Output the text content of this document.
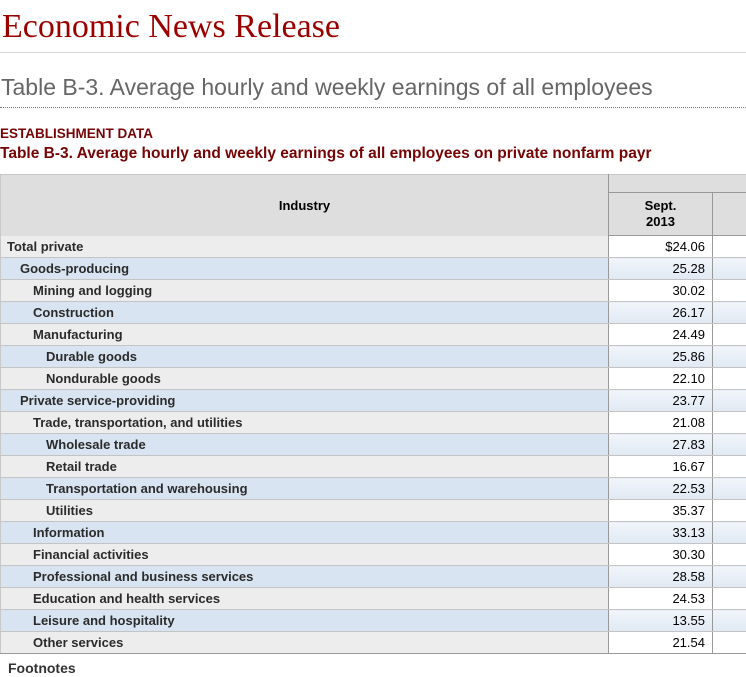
Economic News Release
Table B-3. Average hourly and weekly earnings of all employees

ESTABLISHMENT DATA

Table B-3. Average hourly and weekly earnings of all employees on private nonfarm payr

Industry		
	Sept.
2013	
Total private	$24.06	
Goods-producing	25.28	
Mining and logging	30.02	
Construction	26.17	
Manufacturing	24.49	
Durable goods	25.86	
Nondurable goods	22.10	
Private service-providing	23.77	
Trade, transportation, and utilities	21.08	
Wholesale trade	27.83	
Retail trade	16.67	
Transportation and warehousing	22.53	
Utilities	35.37	
Information	33.13	
Financial activities	30.30	
Professional and business services	28.58	
Education and health services	24.53	
Leisure and hospitality	13.55	
Other services	21.54	

Footnotes
